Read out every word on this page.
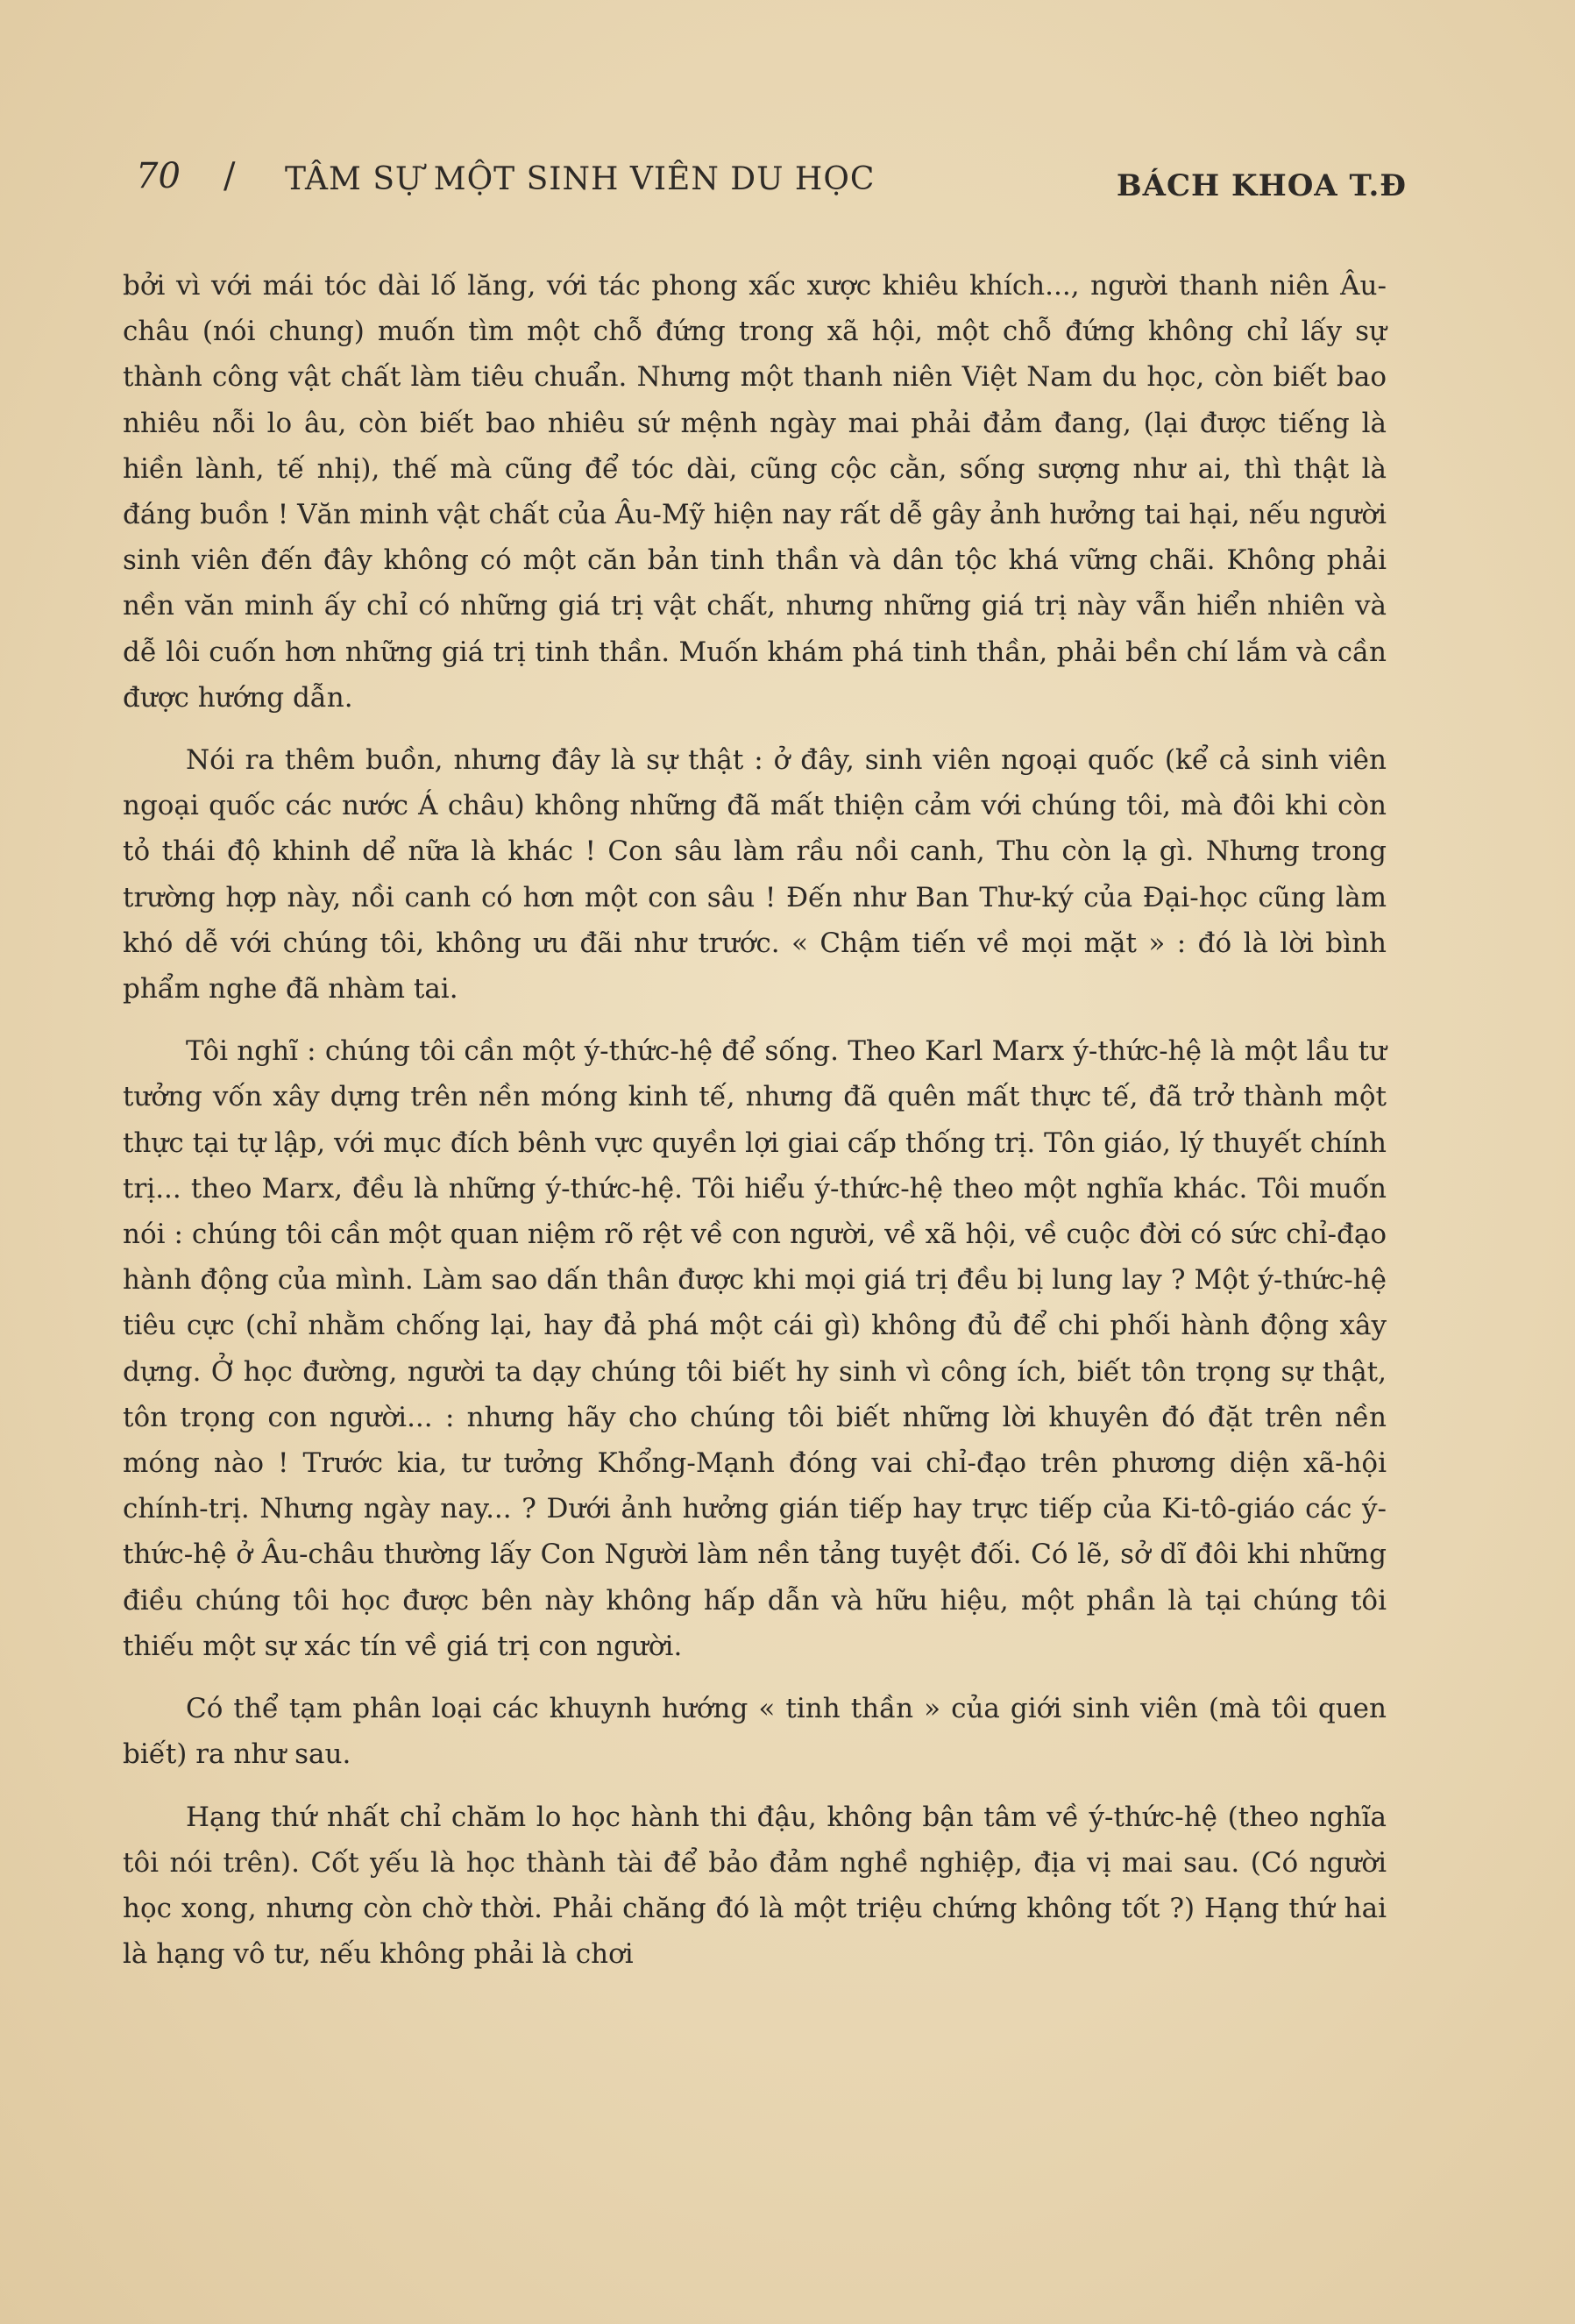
70 / TÂM SỰ MỘT SINH VIÊN DU HỌC	BÁCH KHOA T.Đ

bởi vì với mái tóc dài lố lăng, với tác phong xấc xược khiêu khích..., người thanh niên Âu-châu (nói chung) muốn tìm một chỗ đứng trong xã hội, một chỗ đứng không chỉ lấy sự thành công vật chất làm tiêu chuẩn. Nhưng một thanh niên Việt Nam du học, còn biết bao nhiêu nỗi lo âu, còn biết bao nhiêu sứ mệnh ngày mai phải đảm đang, (lại được tiếng là hiền lành, tế nhị), thế mà cũng để tóc dài, cũng cộc cằn, sống sượng như ai, thì thật là đáng buồn ! Văn minh vật chất của Âu-Mỹ hiện nay rất dễ gây ảnh hưởng tai hại, nếu người sinh viên đến đây không có một căn bản tinh thần và dân tộc khá vững chãi. Không phải nền văn minh ấy chỉ có những giá trị vật chất, nhưng những giá trị này vẫn hiển nhiên và dễ lôi cuốn hơn những giá trị tinh thần. Muốn khám phá tinh thần, phải bền chí lắm và cần được hướng dẫn.

Nói ra thêm buồn, nhưng đây là sự thật : ở đây, sinh viên ngoại quốc (kể cả sinh viên ngoại quốc các nước Á châu) không những đã mất thiện cảm với chúng tôi, mà đôi khi còn tỏ thái độ khinh dể nữa là khác ! Con sâu làm rầu nồi canh, Thu còn lạ gì. Nhưng trong trường hợp này, nồi canh có hơn một con sâu ! Đến như Ban Thư-ký của Đại-học cũng làm khó dễ với chúng tôi, không ưu đãi như trước. « Chậm tiến về mọi mặt » : đó là lời bình phẩm nghe đã nhàm tai.

Tôi nghĩ : chúng tôi cần một ý-thức-hệ để sống. Theo Karl Marx ý-thức-hệ là một lầu tư tưởng vốn xây dựng trên nền móng kinh tế, nhưng đã quên mất thực tế, đã trở thành một thực tại tự lập, với mục đích bênh vực quyền lợi giai cấp thống trị. Tôn giáo, lý thuyết chính trị... theo Marx, đều là những ý-thức-hệ. Tôi hiểu ý-thức-hệ theo một nghĩa khác. Tôi muốn nói : chúng tôi cần một quan niệm rõ rệt về con người, về xã hội, về cuộc đời có sức chỉ-đạo hành động của mình. Làm sao dấn thân được khi mọi giá trị đều bị lung lay ? Một ý-thức-hệ tiêu cực (chỉ nhằm chống lại, hay đả phá một cái gì) không đủ để chi phối hành động xây dựng. Ở học đường, người ta dạy chúng tôi biết hy sinh vì công ích, biết tôn trọng sự thật, tôn trọng con người... : nhưng hãy cho chúng tôi biết những lời khuyên đó đặt trên nền móng nào ! Trước kia, tư tưởng Khổng-Mạnh đóng vai chỉ-đạo trên phương diện xã-hội chính-trị. Nhưng ngày nay... ? Dưới ảnh hưởng gián tiếp hay trực tiếp của Ki-tô-giáo các ý-thức-hệ ở Âu-châu thường lấy Con Người làm nền tảng tuyệt đối. Có lẽ, sở dĩ đôi khi những điều chúng tôi học được bên này không hấp dẫn và hữu hiệu, một phần là tại chúng tôi thiếu một sự xác tín về giá trị con người.

Có thể tạm phân loại các khuynh hướng « tinh thần » của giới sinh viên (mà tôi quen biết) ra như sau.

Hạng thứ nhất chỉ chăm lo học hành thi đậu, không bận tâm về ý-thức-hệ (theo nghĩa tôi nói trên). Cốt yếu là học thành tài để bảo đảm nghề nghiệp, địa vị mai sau. (Có người học xong, nhưng còn chờ thời. Phải chăng đó là một triệu chứng không tốt ?) Hạng thứ hai là hạng vô tư, nếu không phải là chơi
